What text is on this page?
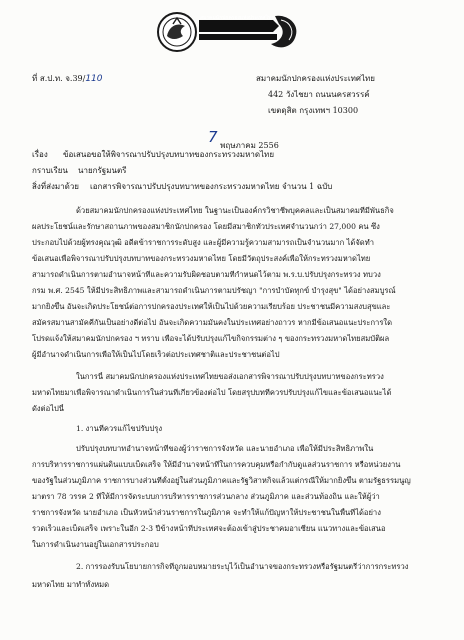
สมาคมนักปกครองแห่งประเทศไทย
ที่ ส.ป.ท. จ.39/110	สมาคมนักปกครองแห่งประเทศไทย
442 วังไชยา ถนนนครสวรรค์
เขตดุสิต กรุงเทพฯ 10300
7 พฤษภาคม 2556
เรื่อง ข้อเสนอขอให้พิจารณาปรับปรุงบทบาทของกระทรวงมหาดไทย
กราบเรียน นายกรัฐมนตรี
สิ่งที่ส่งมาด้วย เอกสารพิจารณาปรับปรุงบทบาทของกระทรวงมหาดไทย จำนวน 1 ฉบับ
ด้วยสมาคมนักปกครองแห่งประเทศไทย ในฐานะเป็นองค์กรวิชาชีพบุคคลและเป็นสมาคมที่มีพันธกิจ
ผลประโยชน์และรักษาสถานภาพของสมาชิกนักปกครอง โดยมีสมาชิกทั่วประเทศจำนวนกว่า 27,000 คน ซึ่ง
ประกอบไปด้วยผู้ทรงคุณวุฒิ อดีตข้าราชการระดับสูง และผู้มีความรู้ความสามารถเป็นจำนวนมาก ได้จัดทำ
ข้อเสนอเพื่อพิจารณาปรับปรุงบทบาทของกระทรวงมหาดไทย โดยมีวัตถุประสงค์เพื่อให้กระทรวงมหาดไทย
สามารถดำเนินการตามอำนาจหน้าที่และความรับผิดชอบตามที่กำหนดไว้ตาม พ.ร.บ.ปรับปรุงกระทรวง ทบวง
กรม พ.ศ. 2545 ให้มีประสิทธิภาพและสามารถดำเนินการตามปรัชญา "การบำบัดทุกข์ บำรุงสุข" ได้อย่างสมบูรณ์
มากยิ่งขึ้น อันจะเกิดประโยชน์ต่อการปกครองประเทศให้เป็นไปด้วยความเรียบร้อย ประชาชนมีความสงบสุขและ
สมัครสมานสามัคคีกันเป็นอย่างดีต่อไป อันจะเกิดความมั่นคงในประเทศอย่างถาวร หากมีข้อเสนอแนะประการใด
โปรดแจ้งให้สมาคมนักปกครอง ฯ ทราบ เพื่อจะได้ปรับปรุงแก้ไขกิจกรรมต่าง ๆ ของกระทรวงมหาดไทยสมบัติผล
ผู้มีอำนาจดำเนินการเพื่อให้เป็นไปโดยเร็วต่อประเทศชาติและประชาชนต่อไป
ในการนี้ สมาคมนักปกครองแห่งประเทศไทยขอส่งเอกสารพิจารณาปรับปรุงบทบาทของกระทรวง
มหาดไทยมาเพื่อพิจารณาดำเนินการในส่วนที่เกี่ยวข้องต่อไป โดยสรุปบทที่ควรปรับปรุงแก้ไขและข้อเสนอแนะได้
ดังต่อไปนี้
1. งานที่ควรแก้ไขปรับปรุง
ปรับปรุงบทบาทอำนาจหน้าที่ของผู้ว่าราชการจังหวัด และนายอำเภอ เพื่อให้มีประสิทธิภาพใน
การบริหารราชการแผ่นดินแบบเบ็ดเสร็จ ให้มีอำนาจหน้าที่ในการควบคุมหรือกำกับดูแลส่วนราชการ หรือหน่วยงาน
ของรัฐในส่วนภูมิภาค ราชการบางส่วนที่ตั้งอยู่ในส่วนภูมิภาคและรัฐวิสาหกิจแล้วแต่กรณีให้มากยิ่งขึ้น ตามรัฐธรรมนูญ
มาตรา 78 วรรค 2 ที่ให้มีการจัดระบบการบริหารราชการส่วนกลาง ส่วนภูมิภาค และส่วนท้องถิ่น และให้ผู้ว่า
ราชการจังหวัด นายอำเภอ เป็นหัวหน้าส่วนราชการในภูมิภาค จะทำให้แก้ปัญหาให้ประชาชนในพื้นที่ได้อย่าง
รวดเร็วและเบ็ดเสร็จ เพราะในอีก 2-3 ปีข้างหน้าที่ประเทศจะต้องเข้าสู่ประชาคมอาเซียน แนวทางและข้อเสนอ
ในการดำเนินงานอยู่ในเอกสารประกอบ
2. การรองรับนโยบายการกิจที่ถูกมอบหมายระบุไว้เป็นอำนาจของกระทรวงหรือรัฐมนตรีว่าการกระทรวง
มหาดไทย มาทำทั้งหมด
